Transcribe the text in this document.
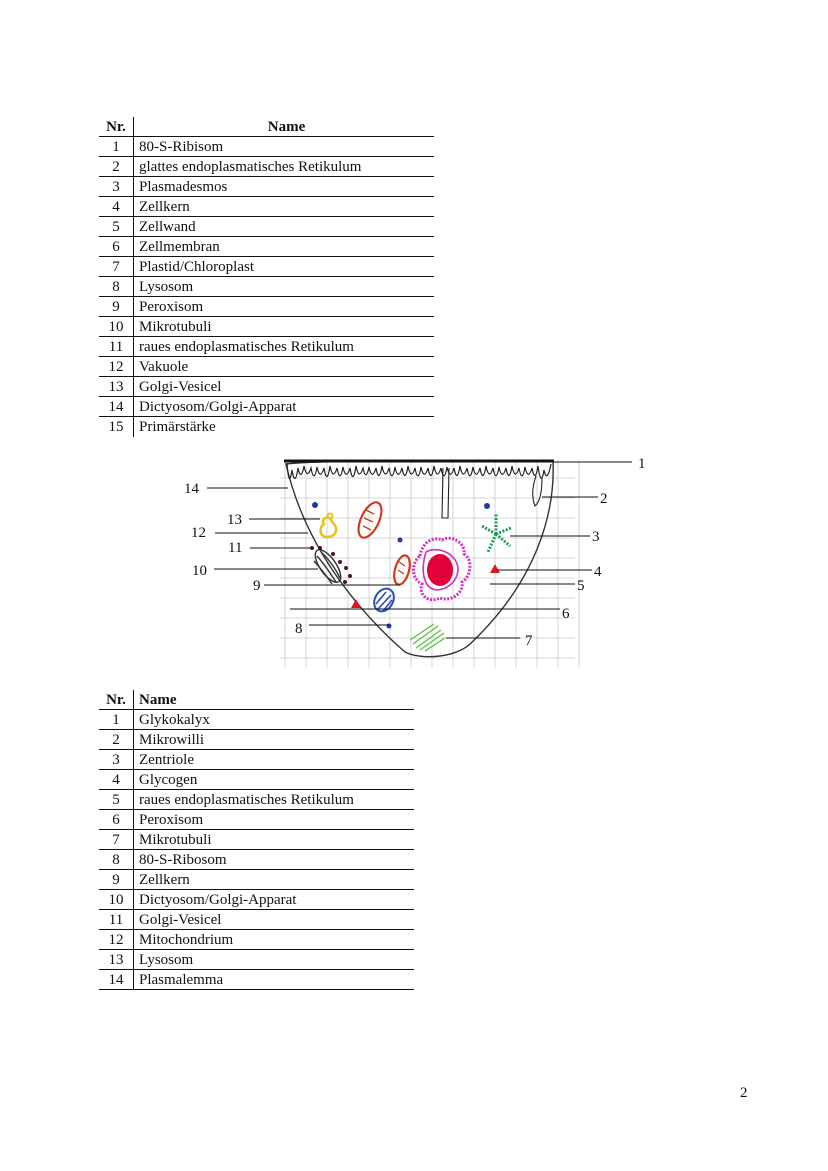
Nr.	Name
1	80-S-Ribisom
2	glattes endoplasmatisches Retikulum
3	Plasmadesmos
4	Zellkern
5	Zellwand
6	Zellmembran
7	Plastid/Chloroplast
8	Lysosom
9	Peroxisom
10	Mikrotubuli
11	raues endoplasmatisches Retikulum
12	Vakuole
13	Golgi-Vesicel
14	Dictyosom/Golgi-Apparat
15	Primärstärke
1
2
3
4
5
6
7
8
9
10
11
12
13
14
Nr.	Name
1	Glykokalyx
2	Mikrowilli
3	Zentriole
4	Glycogen
5	raues endoplasmatisches Retikulum
6	Peroxisom
7	Mikrotubuli
8	80-S-Ribosom
9	Zellkern
10	Dictyosom/Golgi-Apparat
11	Golgi-Vesicel
12	Mitochondrium
13	Lysosom
14	Plasmalemma
2
